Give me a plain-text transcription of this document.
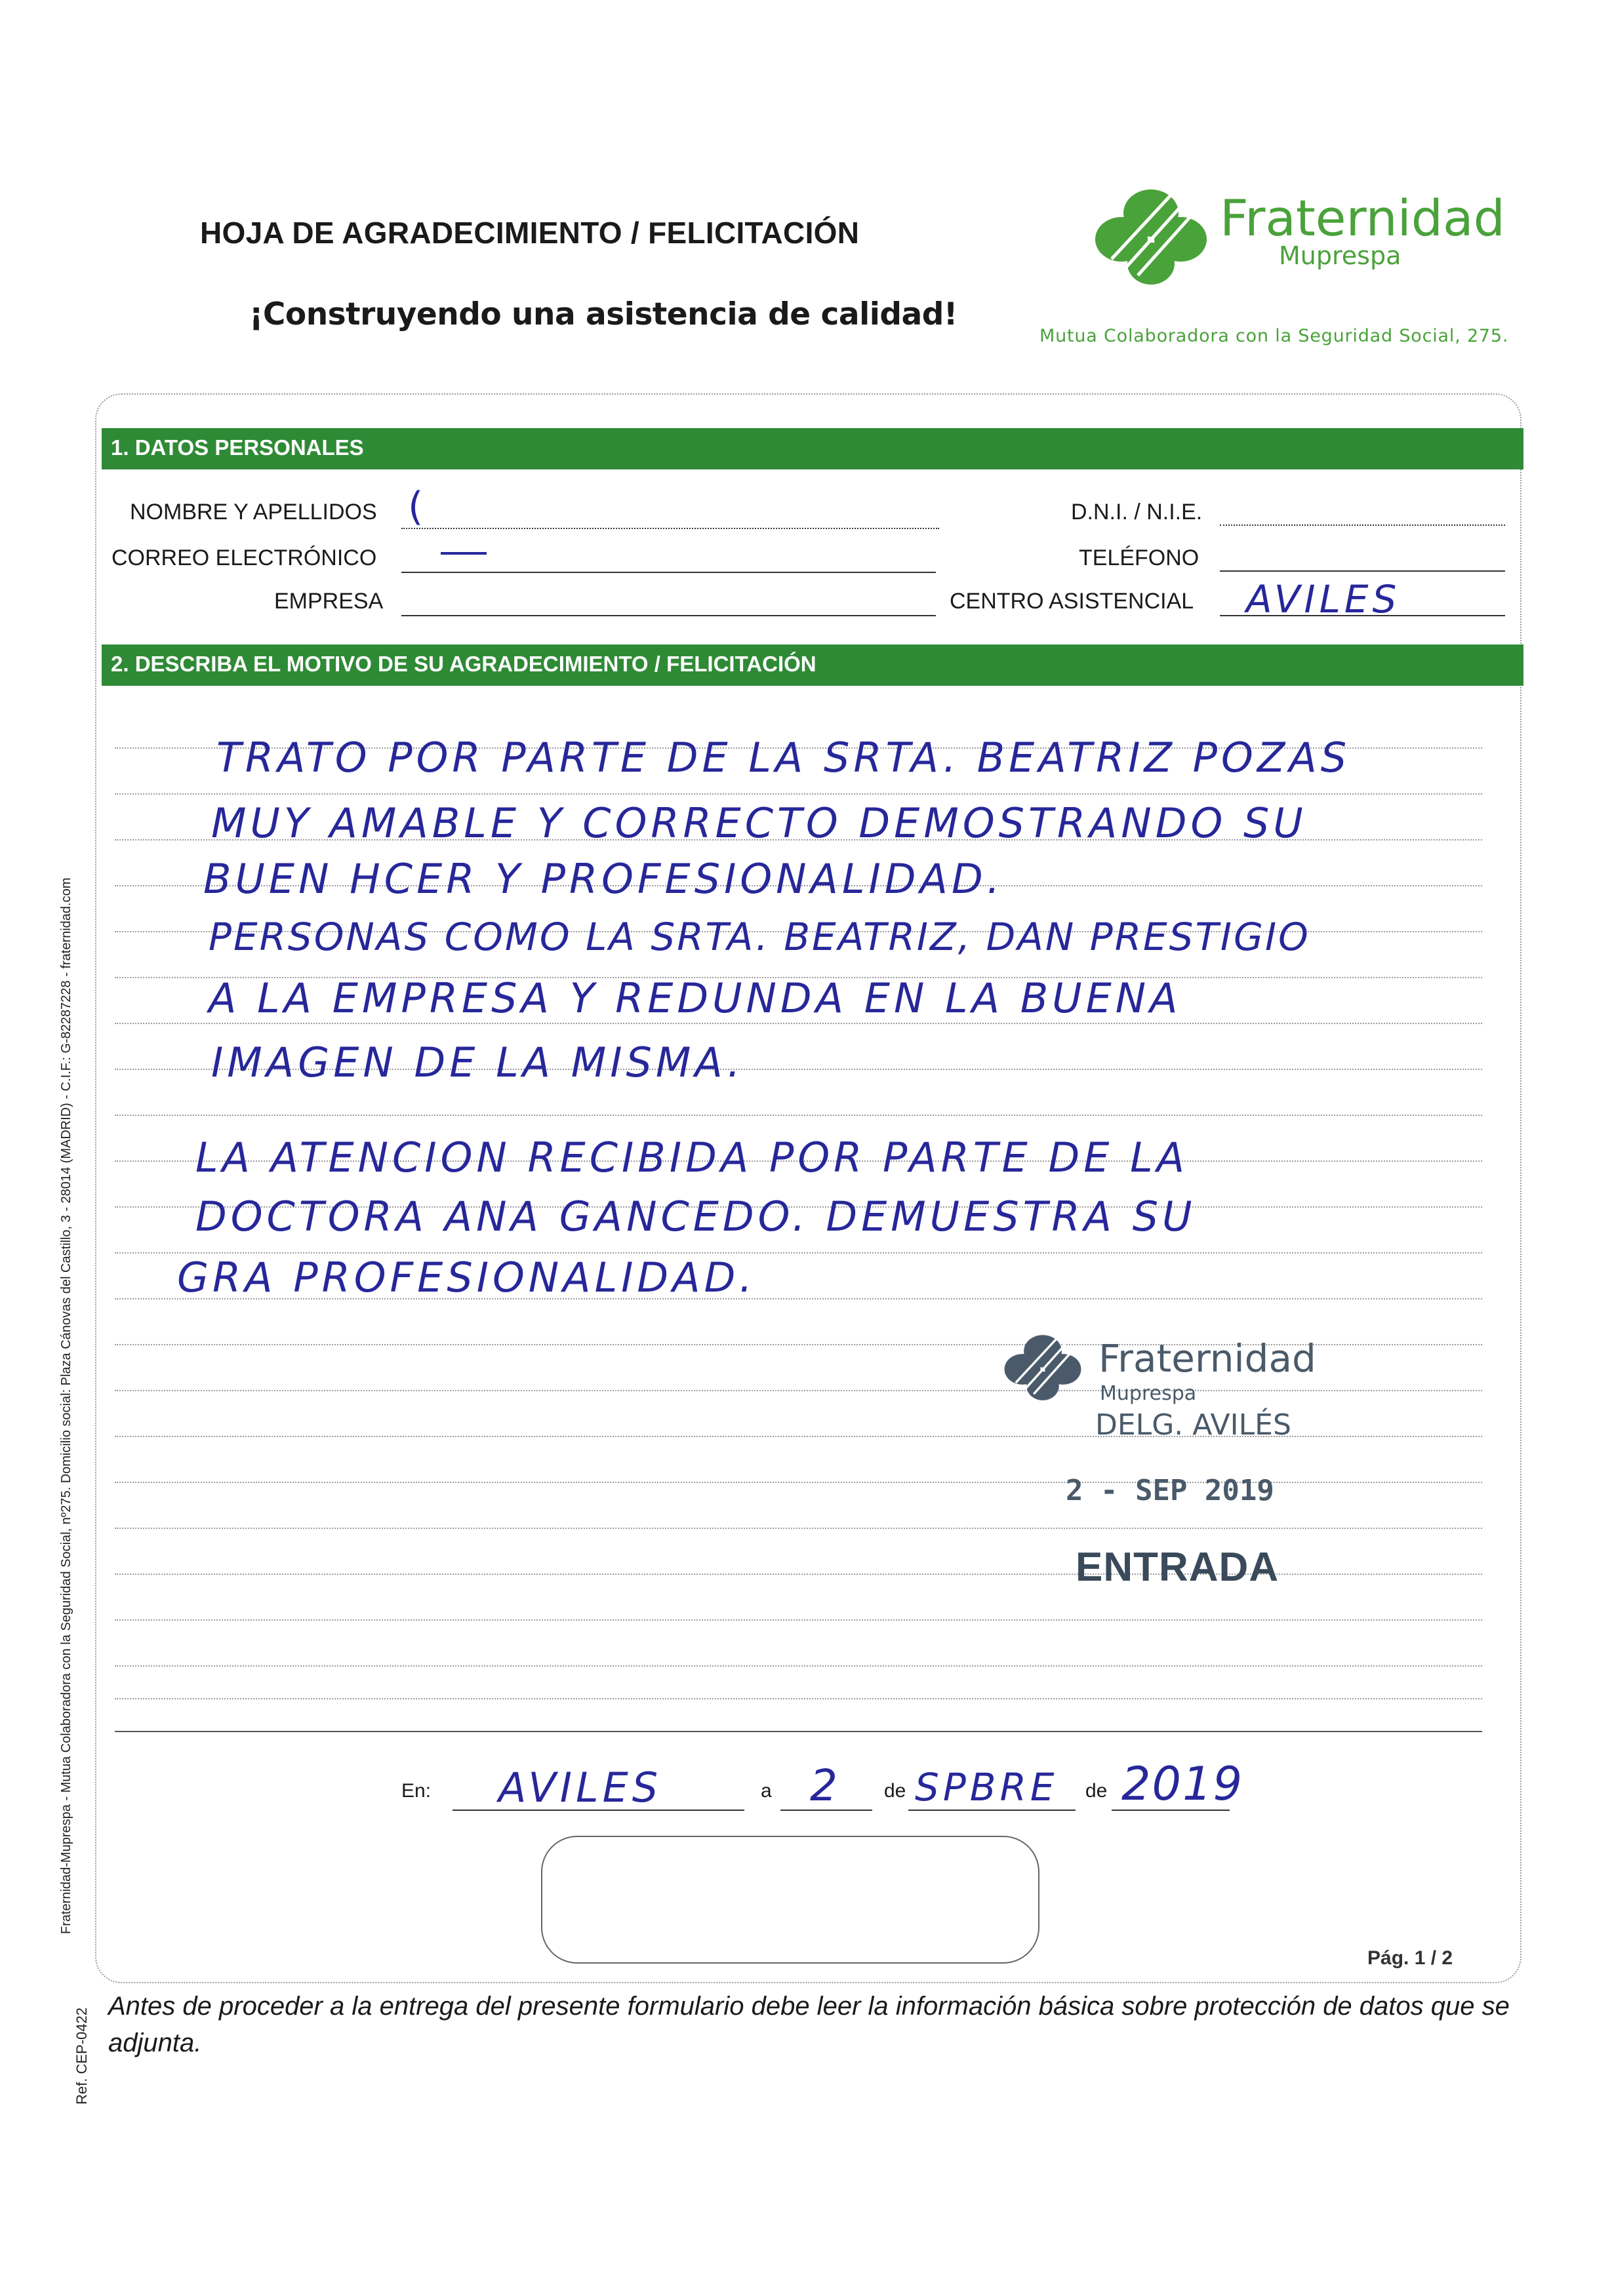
HOJA DE AGRADECIMIENTO / FELICITACIÓN
¡Construyendo una asistencia de calidad!
Fraternidad
Muprespa
Mutua Colaboradora con la Seguridad Social, 275.
1. DATOS PERSONALES
NOMBRE Y APELLIDOS (	D.N.I. / N.I.E.
CORREO ELECTRÓNICO	TELÉFONO
EMPRESA	CENTRO ASISTENCIAL AVILES
2. DESCRIBA EL MOTIVO DE SU AGRADECIMIENTO / FELICITACIÓN
TRATO POR PARTE DE LA SRTA. BEATRIZ POZAS
MUY AMABLE Y CORRECTO DEMOSTRANDO SU
BUEN HCER Y PROFESIONALIDAD.
PERSONAS COMO LA SRTA. BEATRIZ, DAN PRESTIGIO
A LA EMPRESA Y REDUNDA EN LA BUENA
IMAGEN DE LA MISMA.
LA ATENCION RECIBIDA POR PARTE DE LA
DOCTORA ANA GANCEDO. DEMUESTRA SU
GRA PROFESIONALIDAD.
Fraternidad
Muprespa
DELG. AVILÉS
2 - SEP 2019
ENTRADA
En: AVILES	a 2 de SPBRE de 2019
Pág. 1 / 2
Antes de proceder a la entrega del presente formulario debe leer la información básica sobre protección de datos que se adjunta.
Fraternidad-Muprespa - Mutua Colaboradora con la Seguridad Social, nº275. Domicilio social: Plaza Cánovas del Castillo, 3 - 28014 (MADRID) - C.I.F.: G-82287228 - fraternidad.com
Ref. CEP-0422
